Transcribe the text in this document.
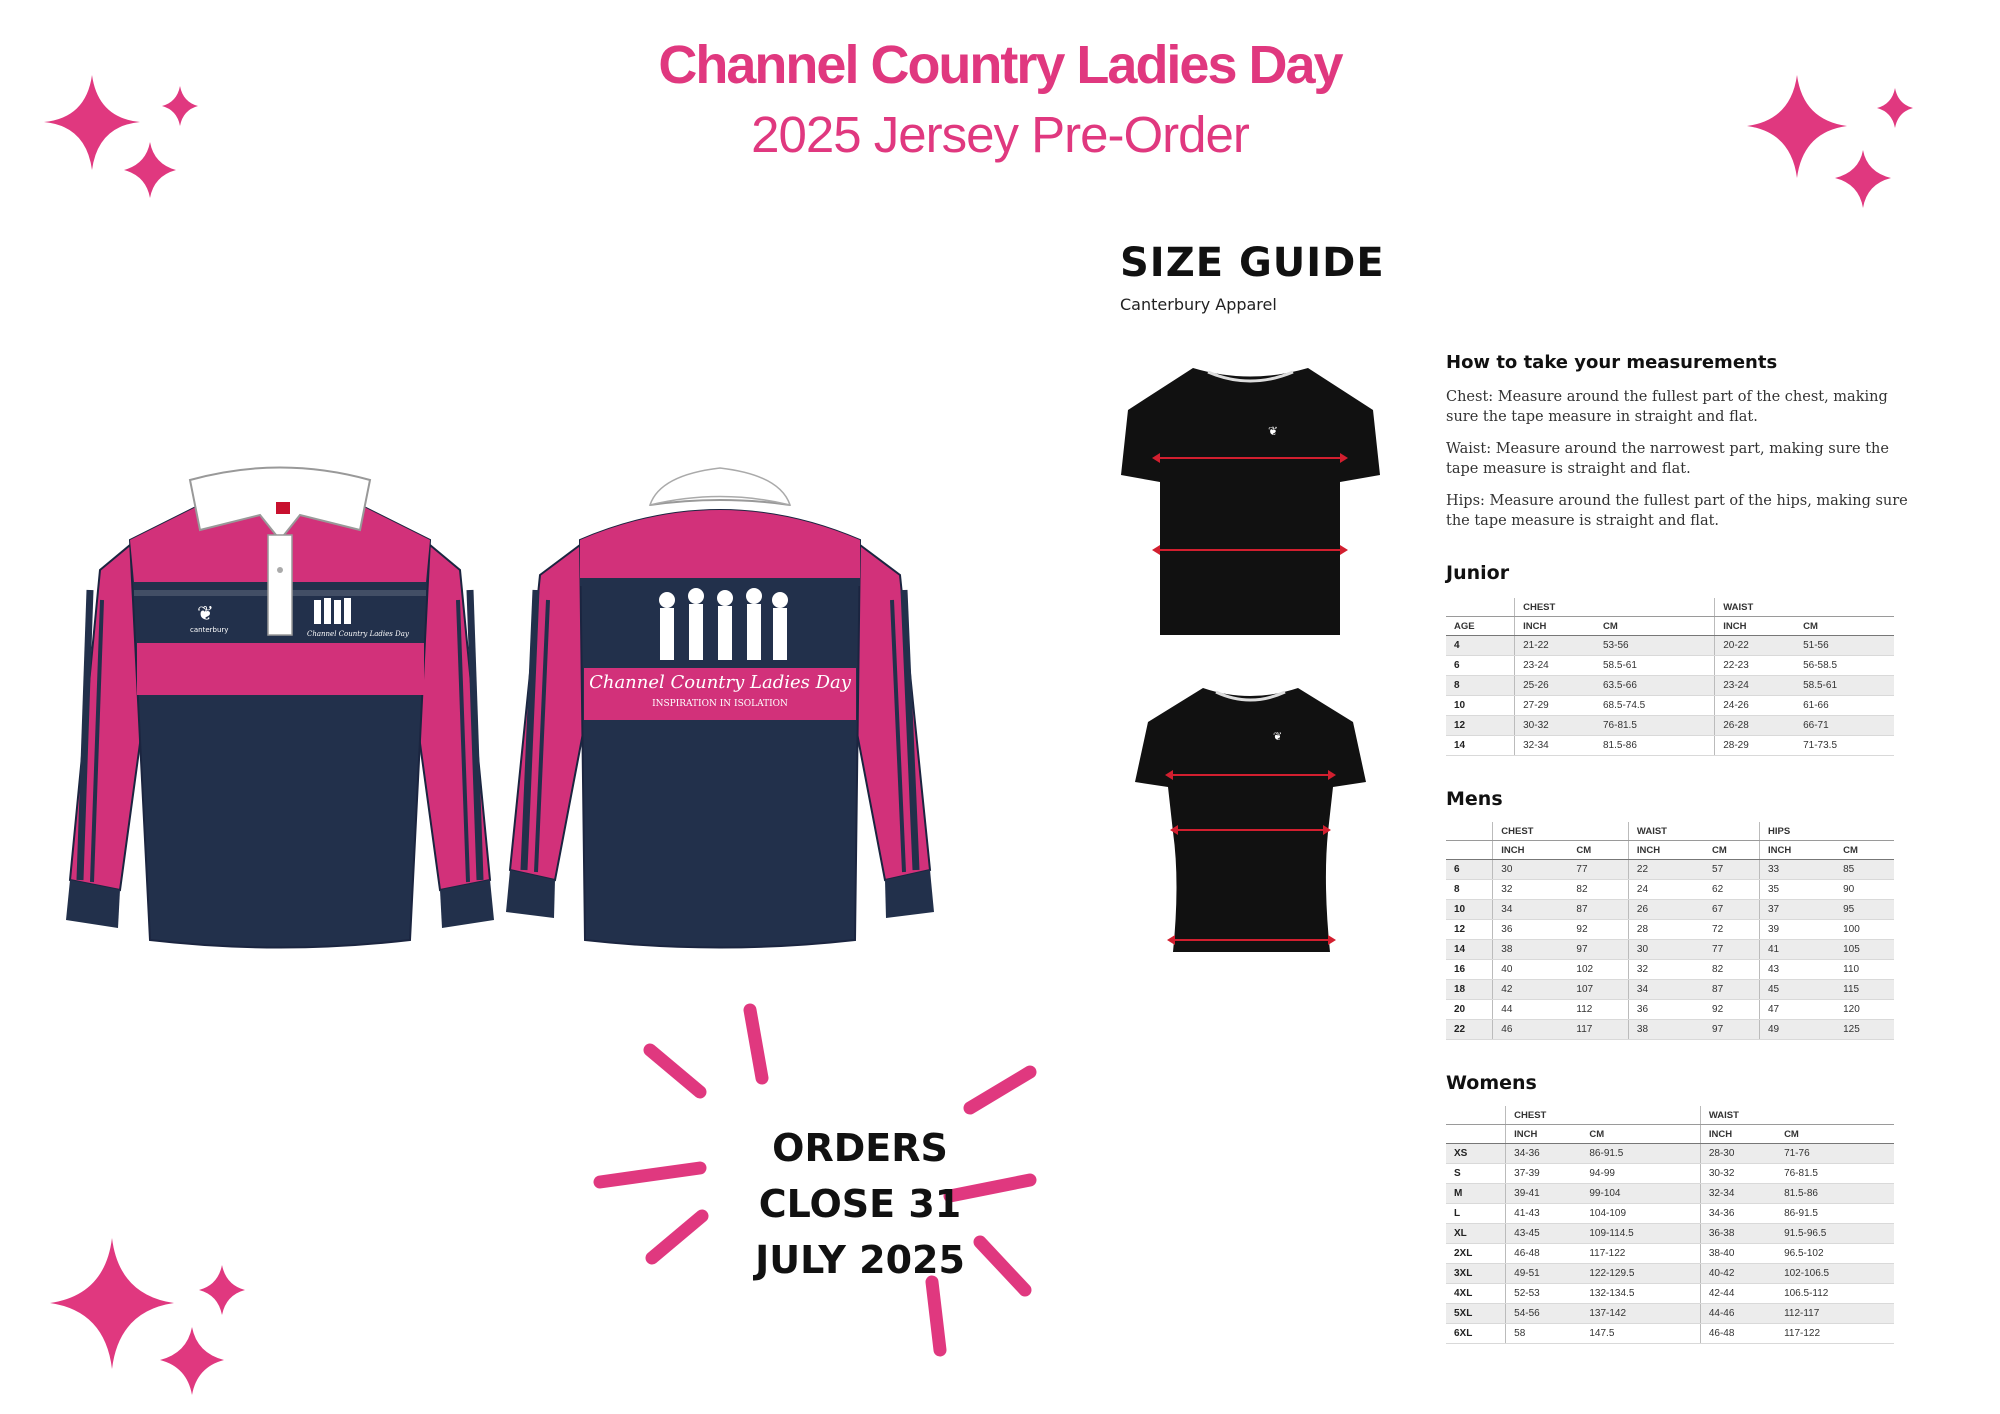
Channel Country Ladies Day
2025 Jersey Pre-Order
❦
canterbury	Channel Country Ladies Day
Channel Country Ladies Day
INSPIRATION IN ISOLATION
SIZE GUIDE
Canterbury Apparel
❦
❦
How to take your measurements

Chest: Measure around the fullest part of the chest, making sure the tape measure in straight and flat.

Waist: Measure around the narrowest part, making sure the tape measure is straight and flat.

Hips: Measure around the fullest part of the hips, making sure the tape measure is straight and flat.

Junior
	CHEST		WAIST	
AGE	INCH	CM	INCH	CM
4	21-22	53-56	20-22	51-56
6	23-24	58.5-61	22-23	56-58.5
8	25-26	63.5-66	23-24	58.5-61
10	27-29	68.5-74.5	24-26	61-66
12	30-32	76-81.5	26-28	66-71
14	32-34	81.5-86	28-29	71-73.5
Mens
	CHEST		WAIST		HIPS	
	INCH	CM	INCH	CM	INCH	CM
6	30	77	22	57	33	85
8	32	82	24	62	35	90
10	34	87	26	67	37	95
12	36	92	28	72	39	100
14	38	97	30	77	41	105
16	40	102	32	82	43	110
18	42	107	34	87	45	115
20	44	112	36	92	47	120
22	46	117	38	97	49	125
Womens
	CHEST		WAIST	
	INCH	CM	INCH	CM
XS	34-36	86-91.5	28-30	71-76
S	37-39	94-99	30-32	76-81.5
M	39-41	99-104	32-34	81.5-86
L	41-43	104-109	34-36	86-91.5
XL	43-45	109-114.5	36-38	91.5-96.5
2XL	46-48	117-122	38-40	96.5-102
3XL	49-51	122-129.5	40-42	102-106.5
4XL	52-53	132-134.5	42-44	106.5-112
5XL	54-56	137-142	44-46	112-117
6XL	58	147.5	46-48	117-122
ORDERS
CLOSE 31
JULY 2025
